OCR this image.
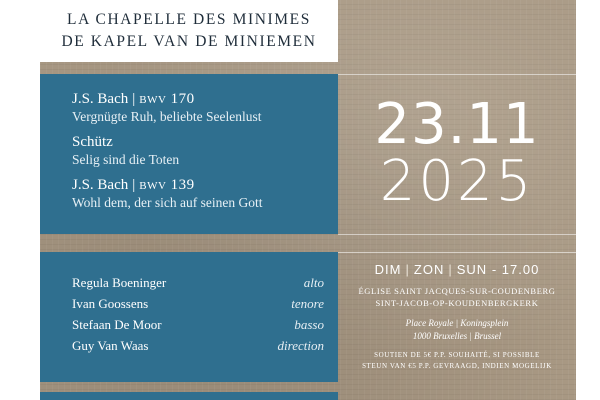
LA CHAPELLE DES MINIMES
DE KAPEL VAN DE MINIEMEN
J.S. Bach | bwv 170
Vergnügte Ruh, beliebte Seelenlust
Schütz
Selig sind die Toten
J.S. Bach | bwv 139
Wohl dem, der sich auf seinen Gott
Regula Boeninger	alto
Ivan Goossens	tenore
Stefaan De Moor	basso
Guy Van Waas	direction
23.11
2025
DIM | ZON | SUN - 17.00
ÉGLISE SAINT JACQUES-SUR-COUDENBERG
SINT-JACOB-OP-KOUDENBERGKERK
Place Royale | Koningsplein
1000 Bruxelles | Brussel
SOUTIEN DE 5€ P.P. SOUHAITÉ, SI POSSIBLE
STEUN VAN €5 P.P. GEVRAAGD, INDIEN MOGELIJK
